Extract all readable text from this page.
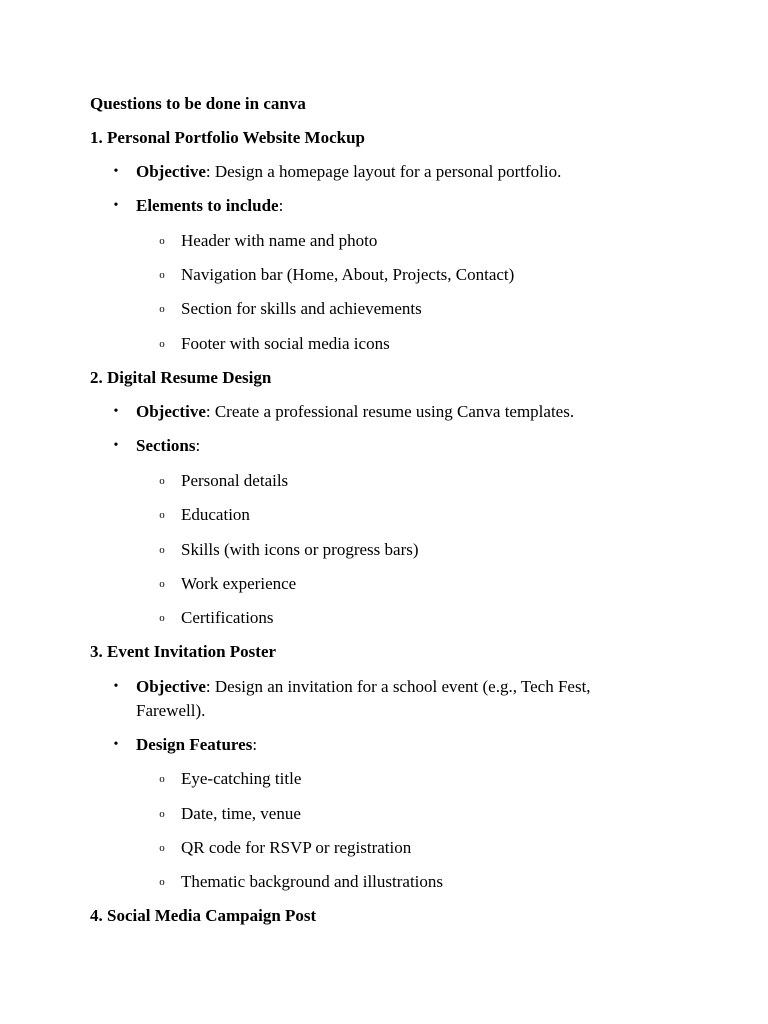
Questions to be done in canva
1. Personal Portfolio Website Mockup
• Objective: Design a homepage layout for a personal portfolio.
• Elements to include:
o Header with name and photo
o Navigation bar (Home, About, Projects, Contact)
o Section for skills and achievements
o Footer with social media icons
2. Digital Resume Design
• Objective: Create a professional resume using Canva templates.
• Sections:
o Personal details
o Education
o Skills (with icons or progress bars)
o Work experience
o Certifications
3. Event Invitation Poster
• Objective: Design an invitation for a school event (e.g., Tech Fest,
Farewell).
• Design Features:
o Eye-catching title
o Date, time, venue
o QR code for RSVP or registration
o Thematic background and illustrations
4. Social Media Campaign Post
